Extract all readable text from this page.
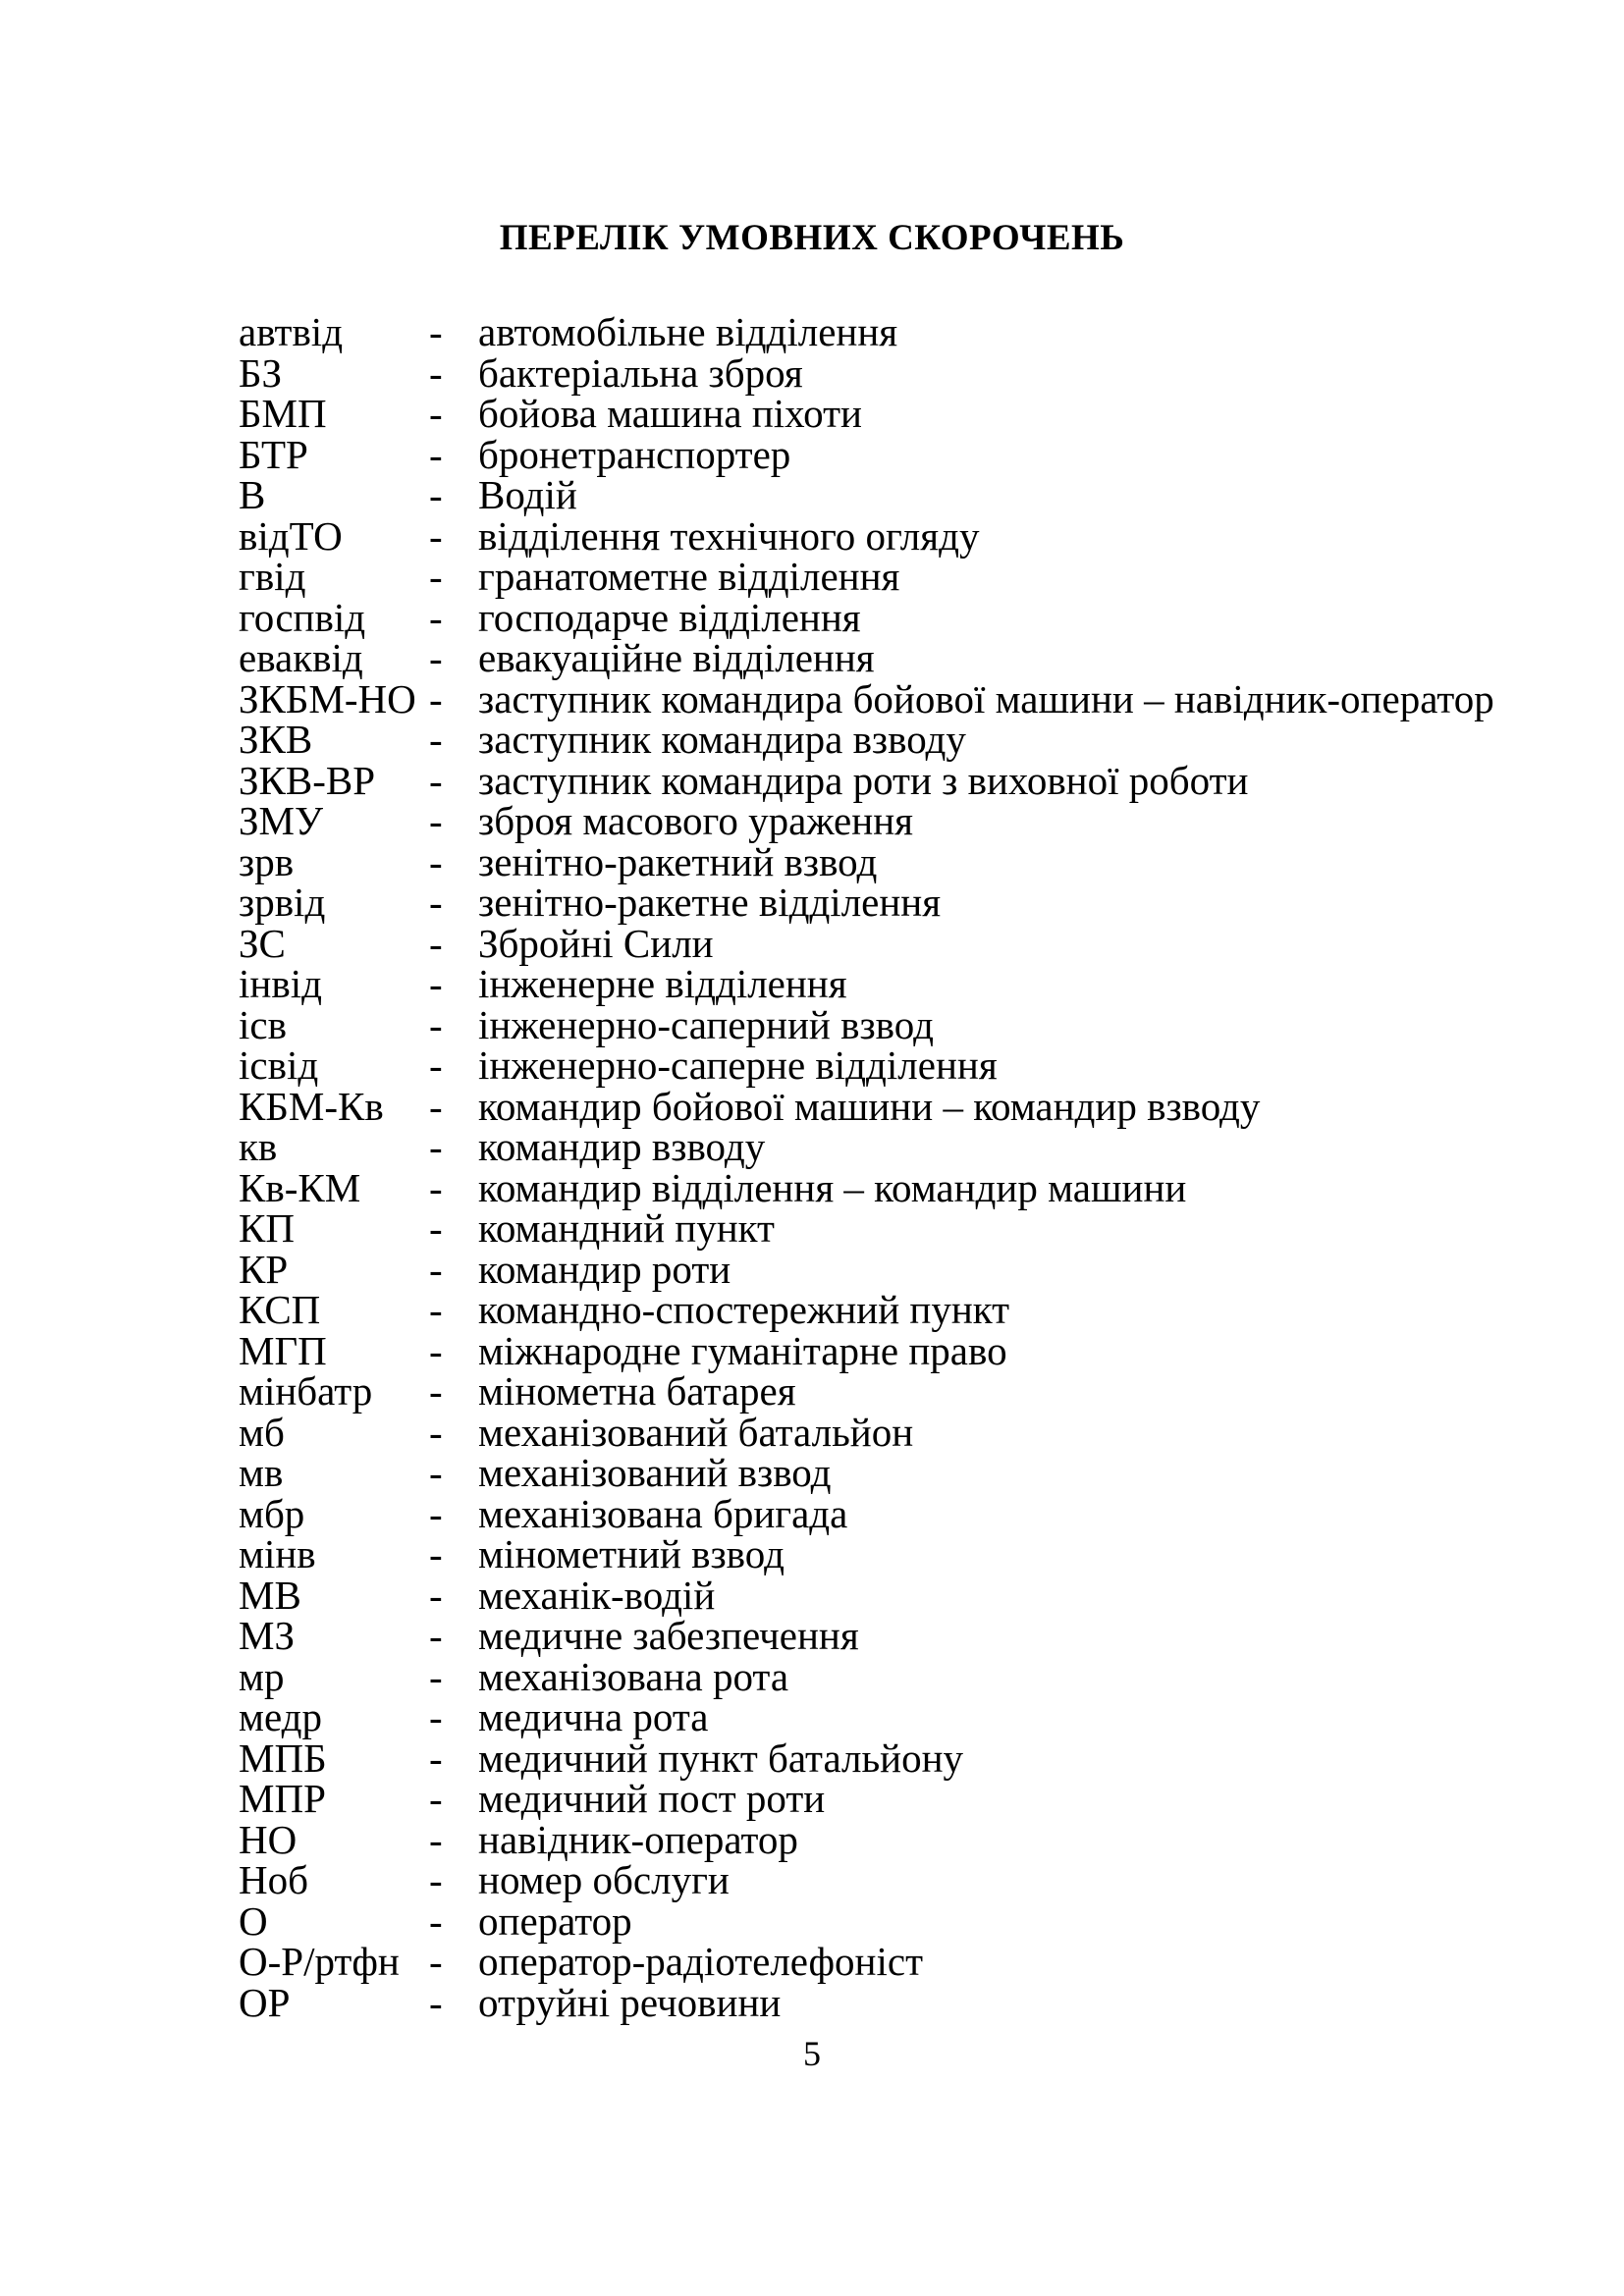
ПЕРЕЛІК УМОВНИХ СКОРОЧЕНЬ
автвід	- автомобільне відділення
БЗ	- бактеріальна зброя
БМП	- бойова машина піхоти
БТР	- бронетранспортер
В	- Водій
відТО	- відділення технічного огляду
гвід	- гранатометне відділення
госпвід	- господарче відділення
еваквід	- евакуаційне відділення
ЗКБМ-НО - заступник командира бойової машини – навідник-оператор
ЗКВ	- заступник командира взводу
ЗКВ-ВР	- заступник командира роти з виховної роботи
ЗМУ	- зброя масового ураження
зрв	- зенітно-ракетний взвод
зрвід	- зенітно-ракетне відділення
ЗС	- Збройні Сили
інвід	- інженерне відділення
ісв	- інженерно-саперний взвод
ісвід	- інженерно-саперне відділення
КБМ-Кв	- командир бойової машини – командир взводу
кв	- командир взводу
Кв-КМ	- командир відділення – командир машини
КП	- командний пункт
КР	- командир роти
КСП	- командно-спостережний пункт
МГП	- міжнародне гуманітарне право
мінбатр	- мінометна батарея
мб	- механізований батальйон
мв	- механізований взвод
мбр	- механізована бригада
мінв	- мінометний взвод
МВ	- механік-водій
МЗ	- медичне забезпечення
мр	- механізована рота
медр	- медична рота
МПБ	- медичний пункт батальйону
МПР	- медичний пост роти
НО	- навідник-оператор
Ноб	- номер обслуги
О	- оператор
О-Р/ртфн - оператор-радіотелефоніст
ОР	- отруйні речовини
5
